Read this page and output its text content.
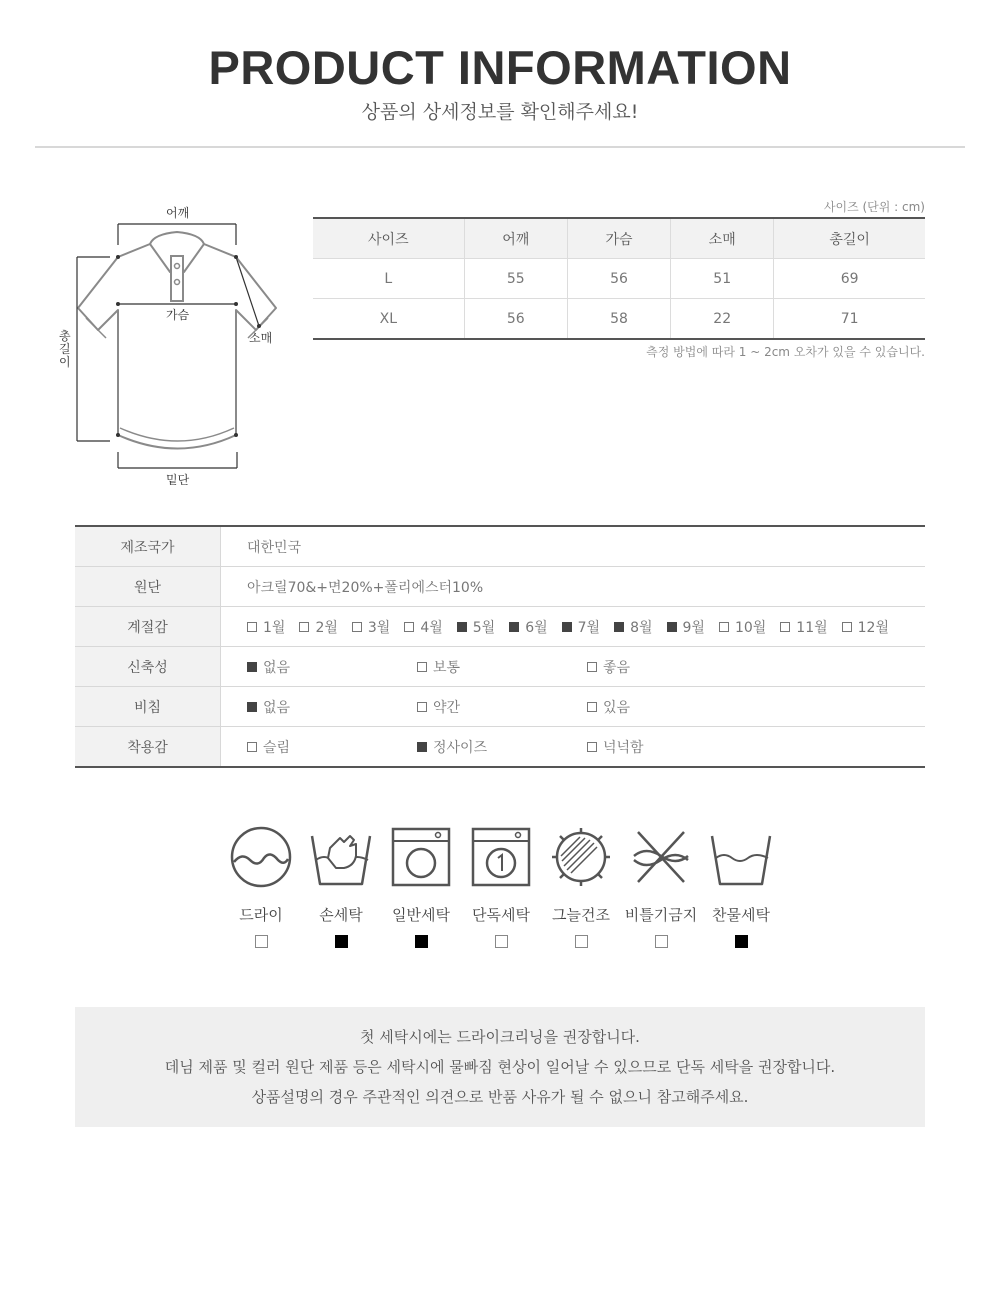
PRODUCT INFORMATION
상품의 상세정보를 확인해주세요!
어깨
가슴
소매
총길이
밑단
사이즈 (단위 : cm)
사이즈	어깨	가슴	소매	총길이
L	55	56	51	69
XL	56	58	22	71
측정 방법에 따라 1 ~ 2cm 오차가 있을 수 있습니다.
제조국가	대한민국
원단	아크릴70&+면20%+폴리에스터10%
계절감	1월 2월 3월 4월 5월 6월 7월 8월 9월 10월 11월 12월
신축성	없음	보통	좋음
비침	없음	약간	있음
착용감	슬림	정사이즈	넉넉함
드라이	손세탁	일반세탁	단독세탁	그늘건조 비틀기금지 찬물세탁
첫 세탁시에는 드라이크리닝을 권장합니다.
데님 제품 및 컬러 원단 제품 등은 세탁시에 물빠짐 현상이 일어날 수 있으므로 단독 세탁을 권장합니다.
상품설명의 경우 주관적인 의견으로 반품 사유가 될 수 없으니 참고해주세요.
